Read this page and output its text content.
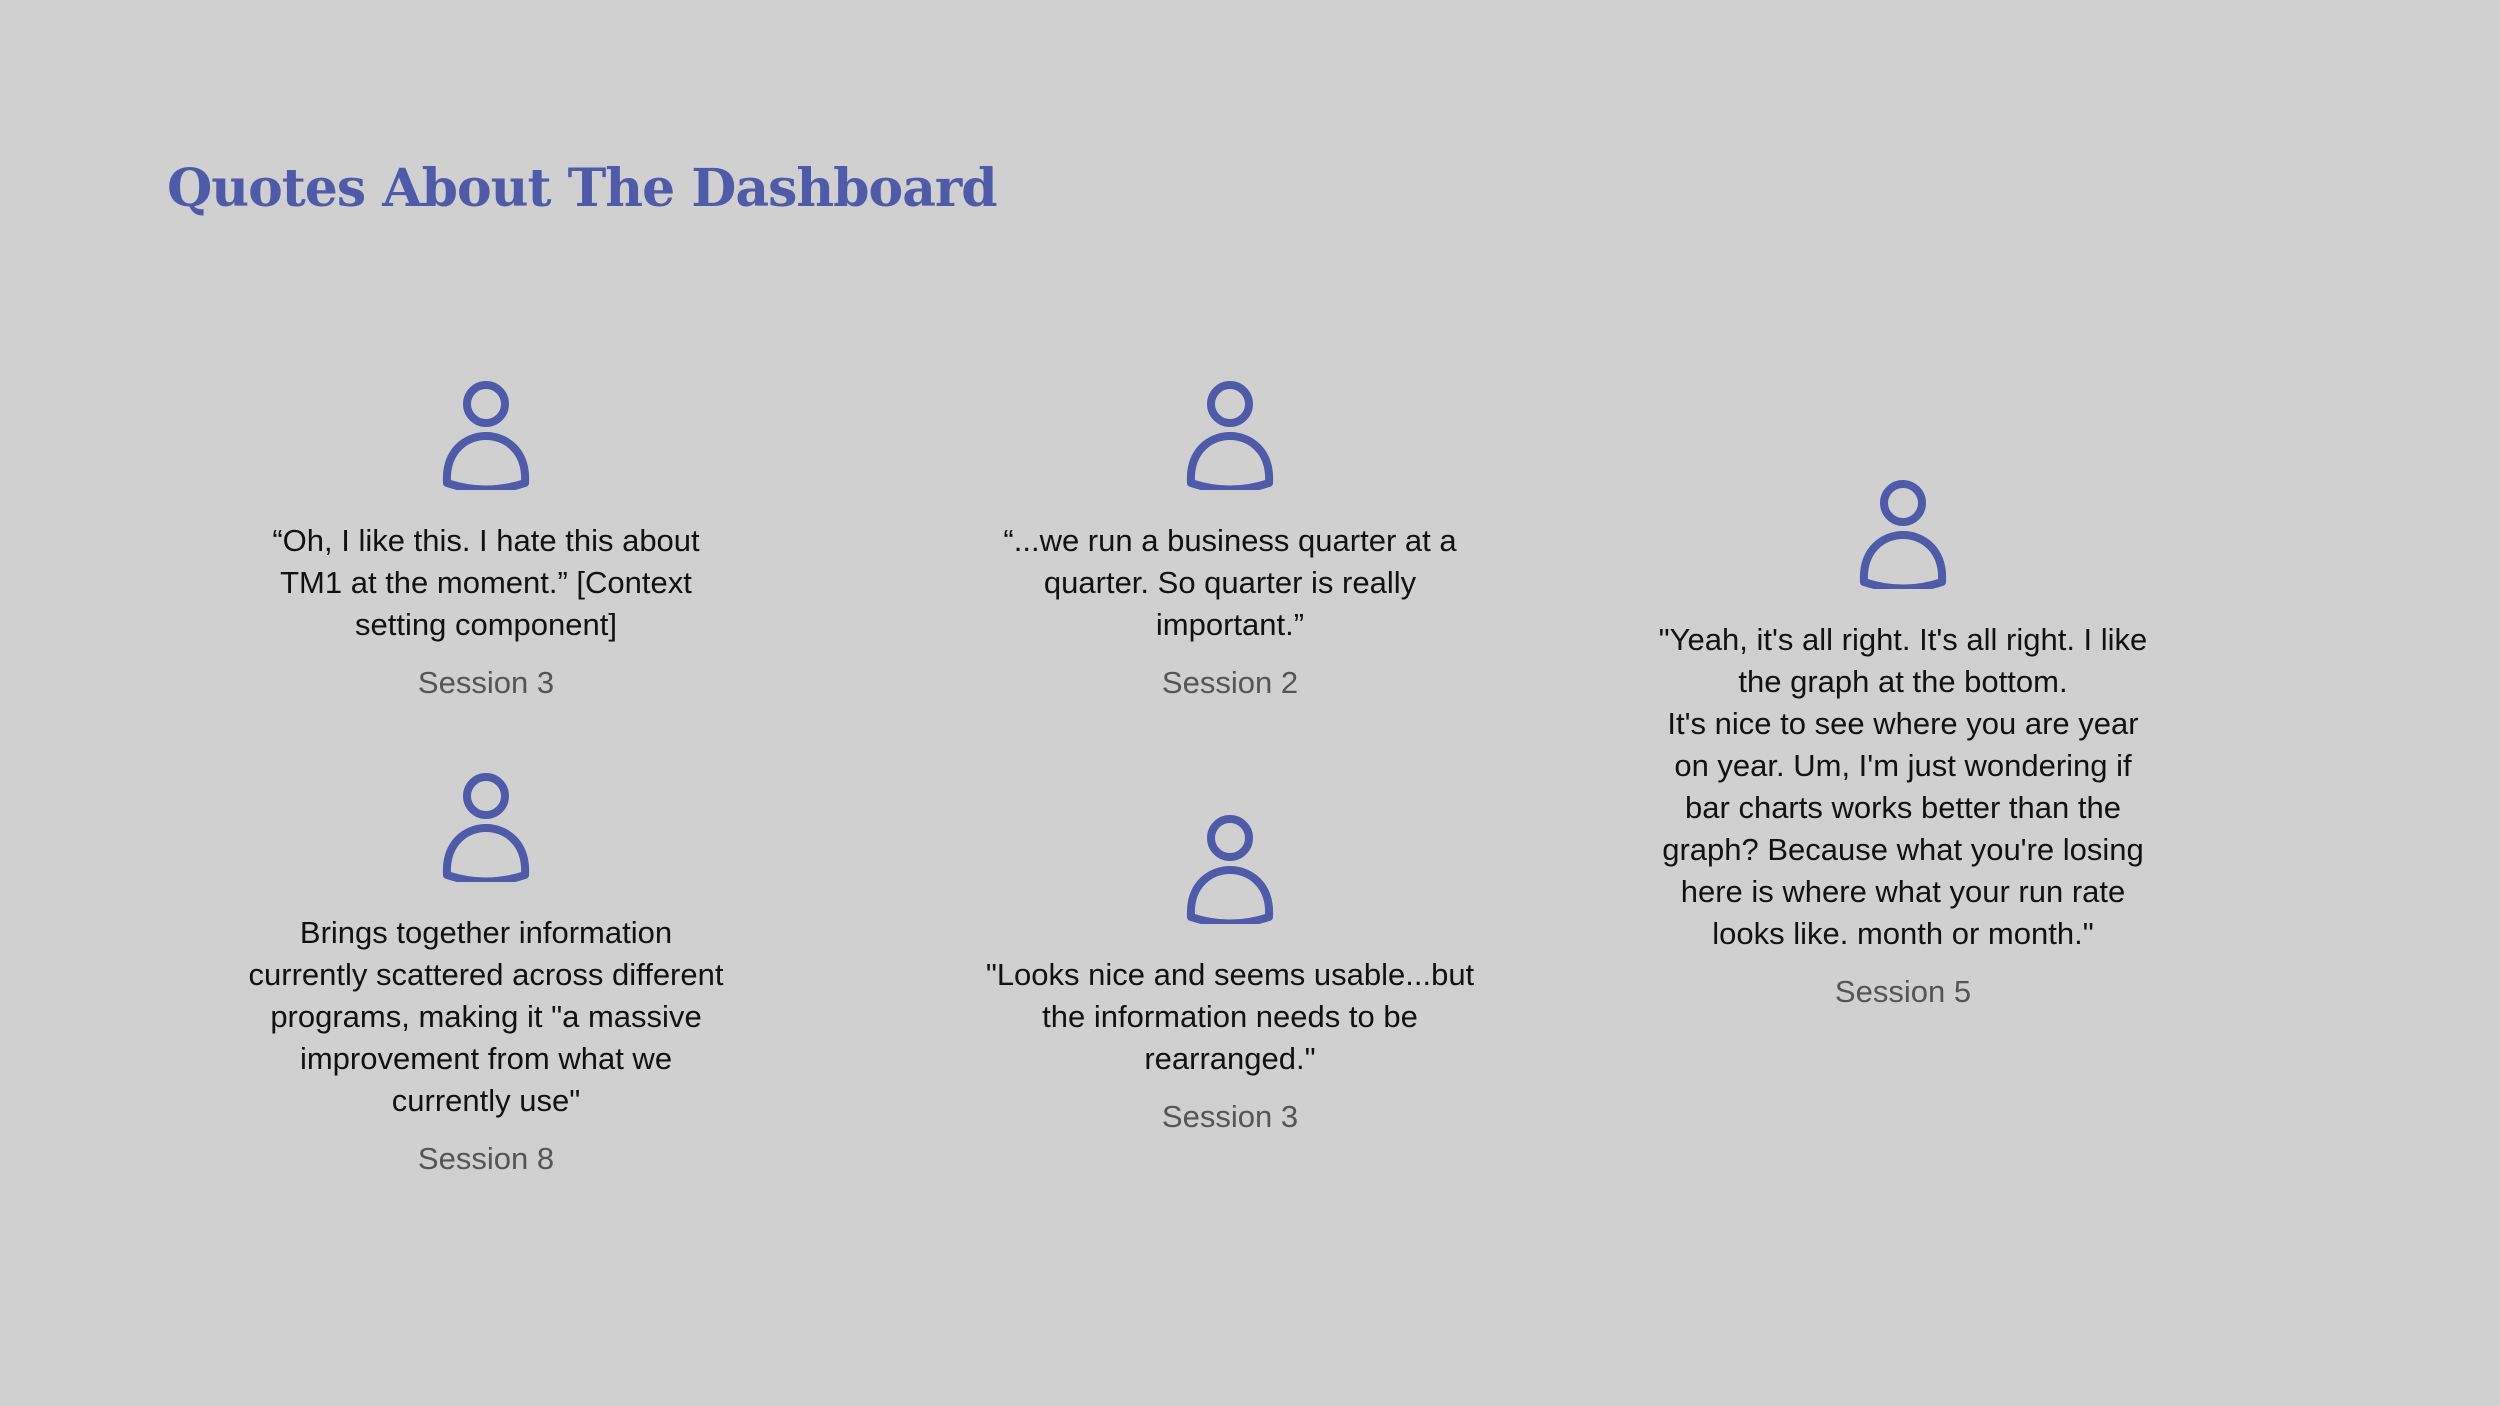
Quotes About The Dashboard
“Oh, I like this. I hate this about
TM1 at the moment.” [Context
setting component]
Session 3
“...we run a business quarter at a
quarter. So quarter is really
important.”
Session 2
"Yeah, it's all right. It's all right. I like
the graph at the bottom.
It's nice to see where you are year
on year. Um, I'm just wondering if
bar charts works better than the
graph? Because what you're losing
here is where what your run rate
looks like. month or month."
Session 5
Brings together information
currently scattered across different
programs, making it "a massive
improvement from what we
currently use"
Session 8
"Looks nice and seems usable...but
the information needs to be
rearranged."
Session 3
